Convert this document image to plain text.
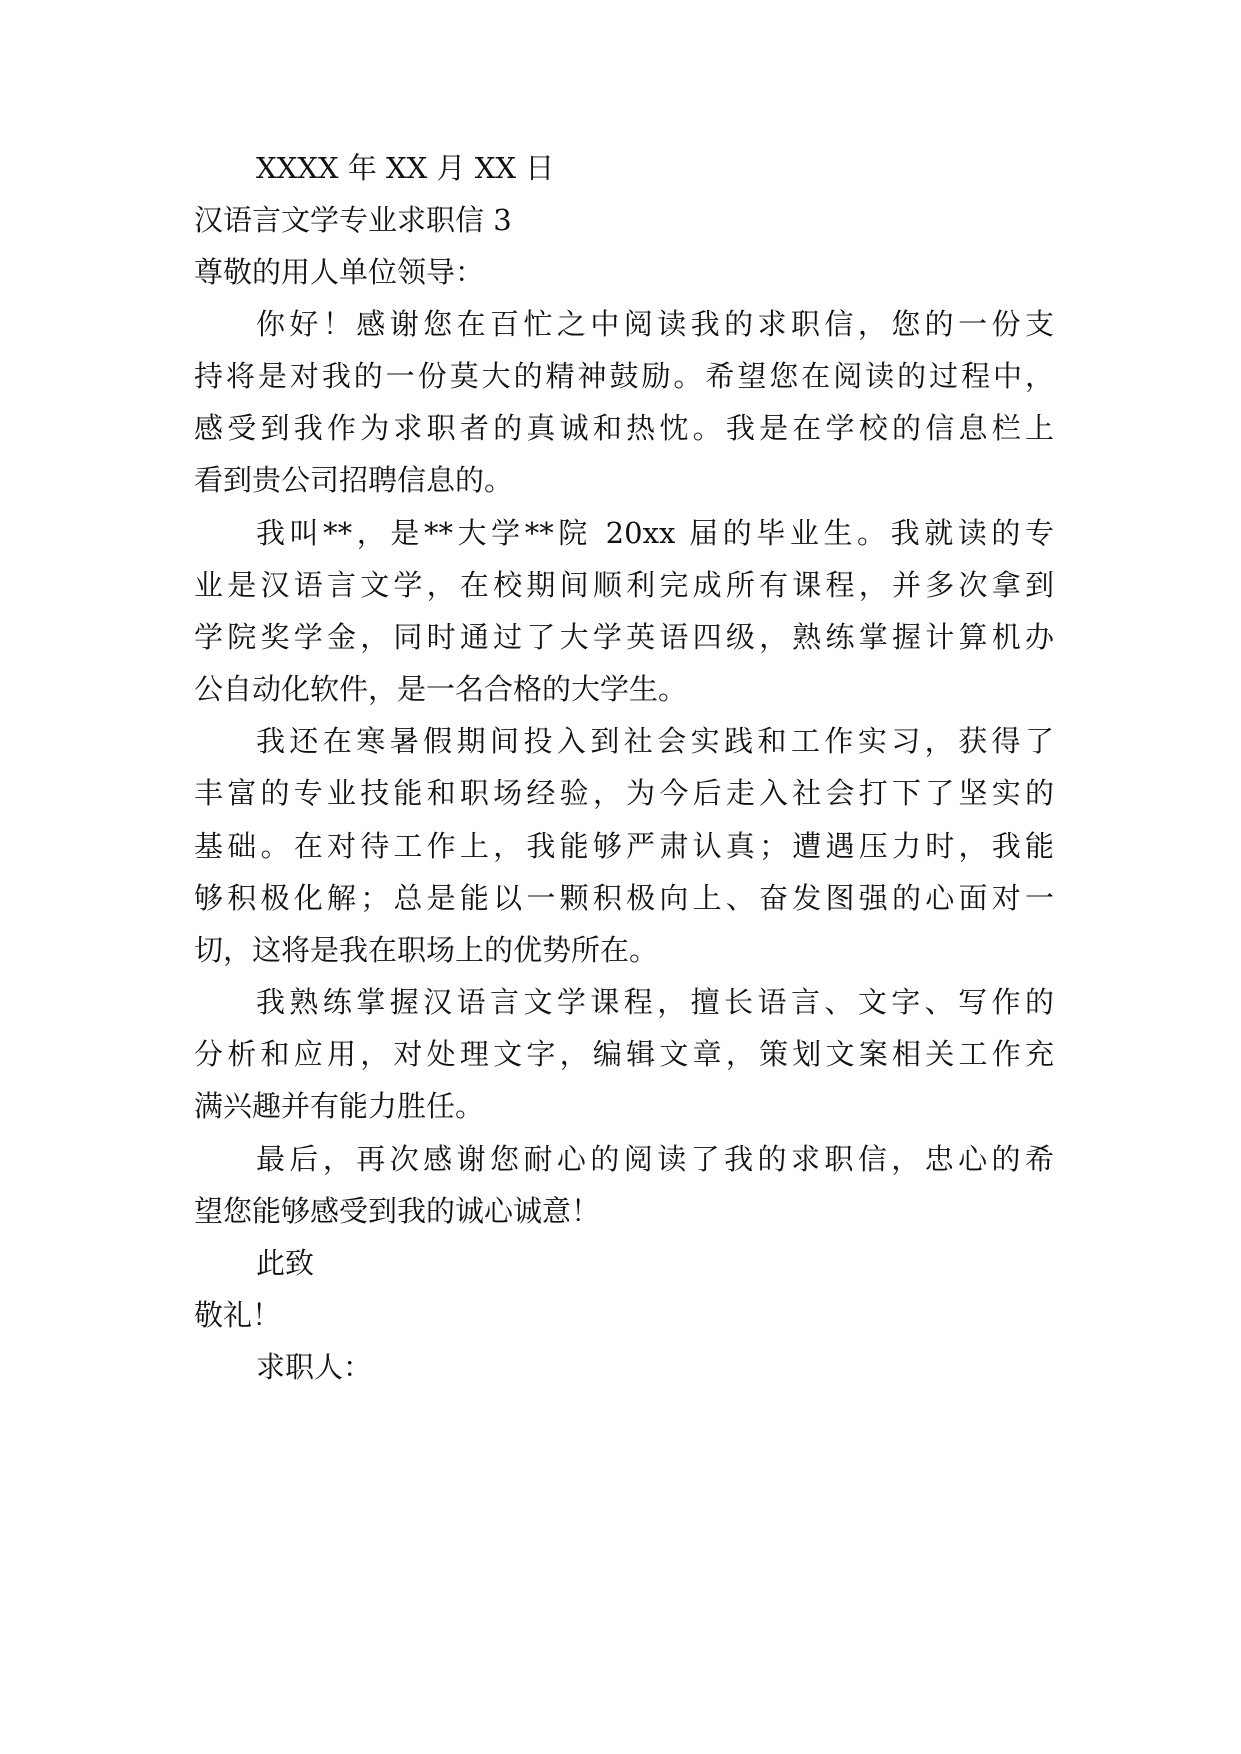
XXXX 年 XX 月 XX 日

汉语言文学专业求职信 3

尊敬的用人单位领导：

你好！感谢您在百忙之中阅读我的求职信，您的一份支

持将是对我的一份莫大的精神鼓励。希望您在阅读的过程中，

感受到我作为求职者的真诚和热忱。我是在学校的信息栏上

看到贵公司招聘信息的。

我叫**，是**大学**院 20xx 届的毕业生。我就读的专

业是汉语言文学，在校期间顺利完成所有课程，并多次拿到

学院奖学金，同时通过了大学英语四级，熟练掌握计算机办

公自动化软件，是一名合格的大学生。

我还在寒暑假期间投入到社会实践和工作实习，获得了

丰富的专业技能和职场经验，为今后走入社会打下了坚实的

基础。在对待工作上，我能够严肃认真；遭遇压力时，我能

够积极化解；总是能以一颗积极向上、奋发图强的心面对一

切，这将是我在职场上的优势所在。

我熟练掌握汉语言文学课程，擅长语言、文字、写作的

分析和应用，对处理文字，编辑文章，策划文案相关工作充

满兴趣并有能力胜任。

最后，再次感谢您耐心的阅读了我的求职信，忠心的希

望您能够感受到我的诚心诚意！

此致

敬礼！

求职人：
